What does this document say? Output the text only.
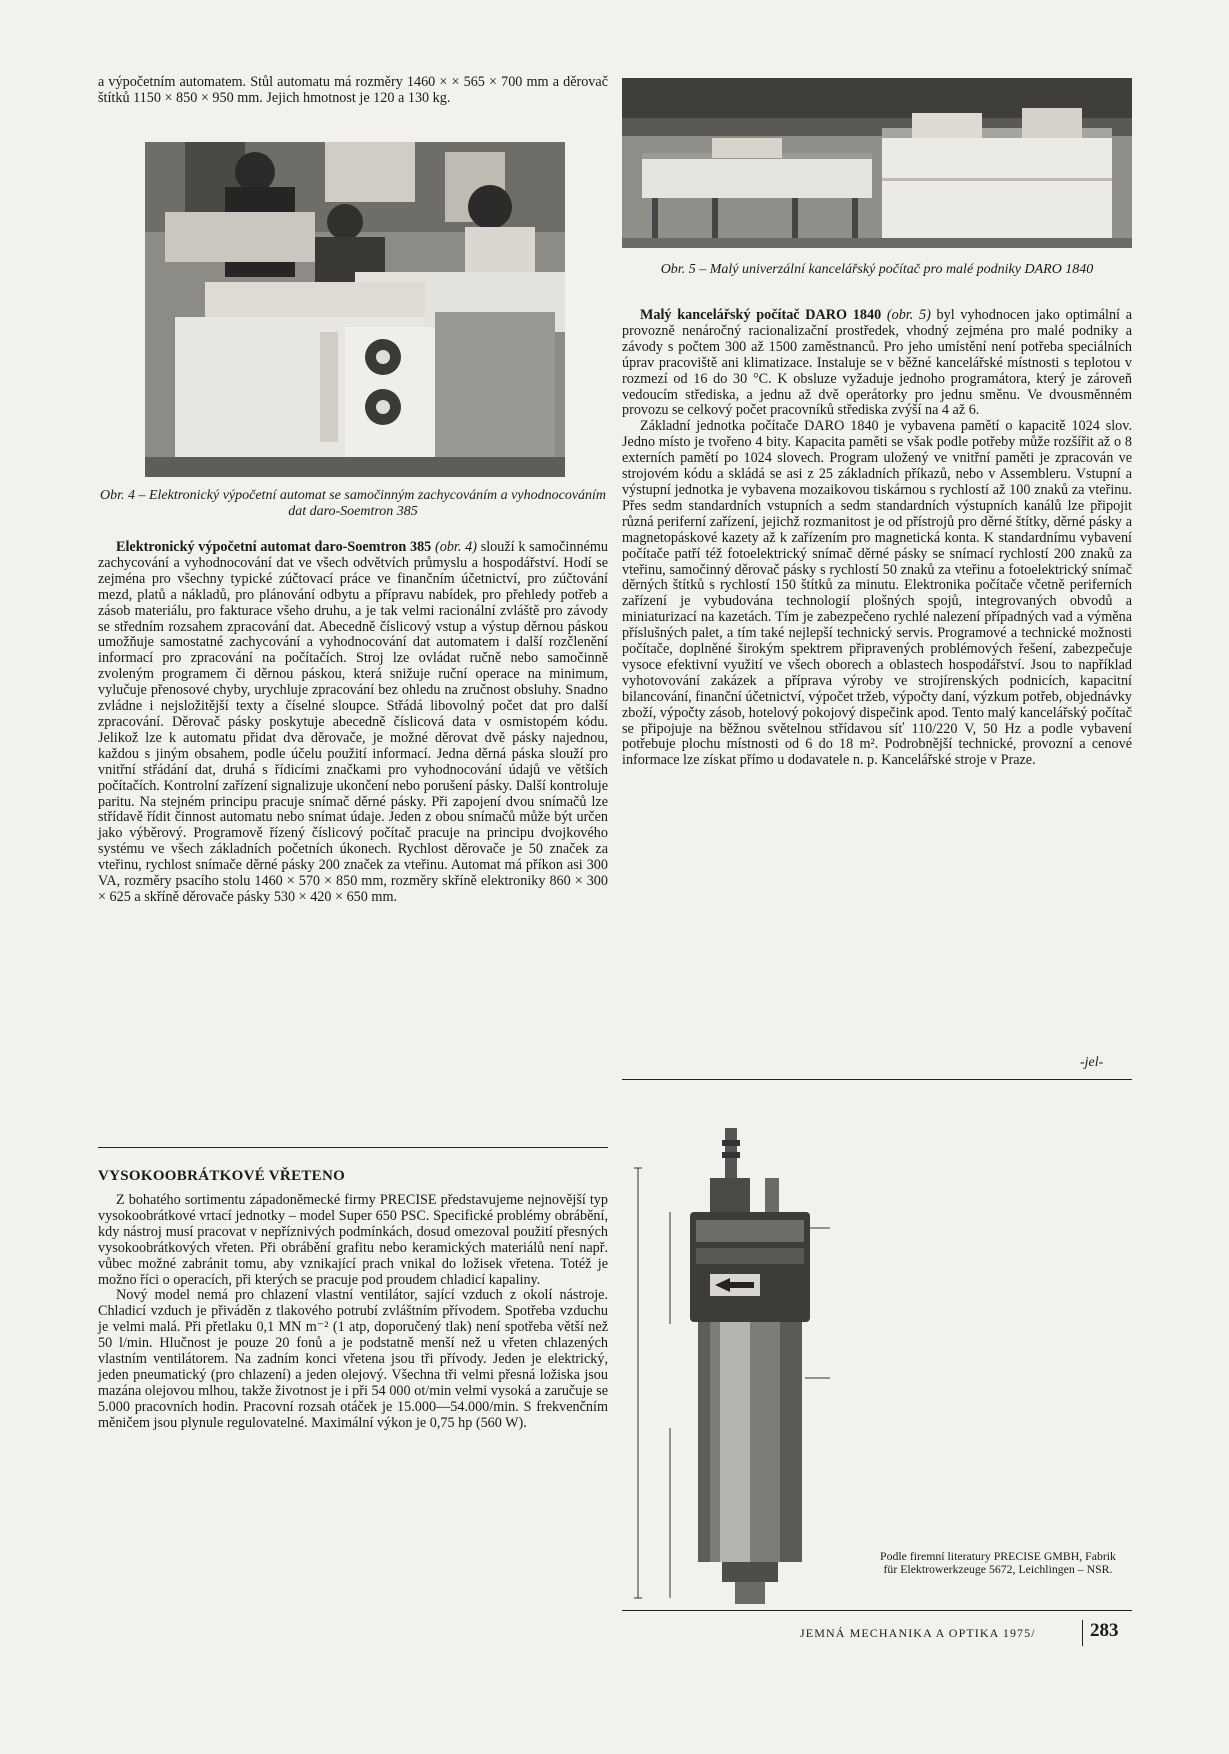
a výpočetním automatem. Stůl automatu má rozměry 1460 × × 565 × 700 mm a děrovač štítků 1150 × 850 × 950 mm. Jejich hmotnost je 120 a 130 kg.

Obr. 4 – Elektronický výpočetní automat se samočinným zachycováním a vyhodnocováním dat daro-Soemtron 385

Elektronický výpočetní automat daro-Soemtron 385 (obr. 4) slouží k samočinnému zachycování a vyhodnocování dat ve všech odvětvích průmyslu a hospodářství. Hodí se zejména pro všechny typické zúčtovací práce ve finančním účetnictví, pro zúčtování mezd, platů a nákladů, pro plánování odbytu a přípravu nabídek, pro přehledy potřeb a zásob materiálu, pro fakturace všeho druhu, a je tak velmi racionální zvláště pro závody se středním rozsahem zpracování dat. Abecedně číslicový vstup a výstup děrnou páskou umožňuje samostatné zachycování a vyhodnocování dat automatem i další rozčlenění informací pro zpracování na počítačích. Stroj lze ovládat ručně nebo samočinně zvoleným programem či děrnou páskou, která snižuje ruční operace na minimum, vylučuje přenosové chyby, urychluje zpracování bez ohledu na zručnost obsluhy. Snadno zvládne i nejsložitější texty a číselné sloupce. Střádá libovolný počet dat pro další zpracování. Děrovač pásky poskytuje abecedně číslicová data v osmistopém kódu. Jelikož lze k automatu přidat dva děrovače, je možné děrovat dvě pásky najednou, každou s jiným obsahem, podle účelu použití informací. Jedna děrná páska slouží pro vnitřní střádání dat, druhá s řídicími značkami pro vyhodnocování údajů ve větších počítačích. Kontrolní zařízení signalizuje ukončení nebo porušení pásky. Další kontroluje paritu. Na stejném principu pracuje snímač děrné pásky. Při zapojení dvou snímačů lze střídavě řídit činnost automatu nebo snímat údaje. Jeden z obou snímačů může být určen jako výběrový. Programově řízený číslicový počítač pracuje na principu dvojkového systému ve všech základních početních úkonech. Rychlost děrovače je 50 značek za vteřinu, rychlost snímače děrné pásky 200 značek za vteřinu. Automat má příkon asi 300 VA, rozměry psacího stolu 1460 × 570 × 850 mm, rozměry skříně elektroniky 860 × 300 × 625 a skříně děrovače pásky 530 × 420 × 650 mm.

Obr. 5 – Malý univerzální kancelářský počítač pro malé podniky DARO 1840

Malý kancelářský počítač DARO 1840 (obr. 5) byl vyhodnocen jako optimální a provozně nenáročný racionalizační prostředek, vhodný zejména pro malé podniky a závody s počtem 300 až 1500 zaměstnanců. Pro jeho umístění není potřeba speciálních úprav pracoviště ani klimatizace. Instaluje se v běžné kancelářské místnosti s teplotou v rozmezí od 16 do 30 °C. K obsluze vyžaduje jednoho programátora, který je zároveň vedoucím střediska, a jednu až dvě operátorky pro jednu směnu. Ve dvousměnném provozu se celkový počet pracovníků střediska zvýší na 4 až 6.

Základní jednotka počítače DARO 1840 je vybavena pamětí o kapacitě 1024 slov. Jedno místo je tvořeno 4 bity. Kapacita paměti se však podle potřeby může rozšířit až o 8 externích pamětí po 1024 slovech. Program uložený ve vnitřní paměti je zpracován ve strojovém kódu a skládá se asi z 25 základních příkazů, nebo v Assembleru. Vstupní a výstupní jednotka je vybavena mozaikovou tiskárnou s rychlostí až 100 znaků za vteřinu. Přes sedm standardních vstupních a sedm standardních výstupních kanálů lze připojit různá periferní zařízení, jejichž rozmanitost je od přístrojů pro děrné štítky, děrné pásky a magnetopáskové kazety až k zařízením pro magnetická konta. K standardnímu vybavení počítače patří též fotoelektrický snímač děrné pásky se snímací rychlostí 200 znaků za vteřinu, samočinný děrovač pásky s rychlostí 50 znaků za vteřinu a fotoelektrický snímač děrných štítků s rychlostí 150 štítků za minutu. Elektronika počítače včetně periferních zařízení je vybudována technologií plošných spojů, integrovaných obvodů a miniaturizací na kazetách. Tím je zabezpečeno rychlé nalezení případných vad a výměna příslušných palet, a tím také nejlepší technický servis. Programové a technické možnosti počítače, doplněné širokým spektrem připravených problémových řešení, zabezpečuje vysoce efektivní využití ve všech oborech a oblastech hospodářství. Jsou to například vyhotovování zakázek a příprava výroby ve strojírenských podnicích, kapacitní bilancování, finanční účetnictví, výpočet tržeb, výpočty daní, výzkum potřeb, objednávky zboží, výpočty zásob, hotelový pokojový dispečink apod. Tento malý kancelářský počítač se připojuje na běžnou světelnou střídavou síť 110/220 V, 50 Hz a podle vybavení potřebuje plochu místnosti od 6 do 18 m². Podrobnější technické, provozní a cenové informace lze získat přímo u dodavatele n. p. Kancelářské stroje v Praze.

-jel-
VYSOKOOBRÁTKOVÉ VŘETENO

Z bohatého sortimentu západoněmecké firmy PRECISE představujeme nejnovější typ vysokoobrátkové vrtací jednotky – model Super 650 PSC. Specifické problémy obrábění, kdy nástroj musí pracovat v nepříznivých podmínkách, dosud omezoval použití přesných vysokoobrátkových vřeten. Při obrábění grafitu nebo keramických materiálů není např. vůbec možné zabránit tomu, aby vznikající prach vnikal do ložisek vřetena. Totéž je možno říci o operacích, při kterých se pracuje pod proudem chladicí kapaliny.

Nový model nemá pro chlazení vlastní ventilátor, sající vzduch z okolí nástroje. Chladicí vzduch je přiváděn z tlakového potrubí zvláštním přívodem. Spotřeba vzduchu je velmi malá. Při přetlaku 0,1 MN m⁻² (1 atp, doporučený tlak) není spotřeba větší než 50 l/min. Hlučnost je pouze 20 fonů a je podstatně menší než u vřeten chlazených vlastním ventilátorem. Na zadním konci vřetena jsou tři přívody. Jeden je elektrický, jeden pneumatický (pro chlazení) a jeden olejový. Všechna tři velmi přesná ložiska jsou mazána olejovou mlhou, takže životnost je i při 54 000 ot/min velmi vysoká a zaručuje se 5.000 pracovních hodin. Pracovní rozsah otáček je 15.000—54.000/min. S frekvenčním měničem jsou plynule regulovatelné. Maximální výkon je 0,75 hp (560 W).

Podle firemní literatury PRECISE GMBH, Fabrik für Elektrowerkzeuge 5672, Leichlingen – NSR.
JEMNÁ MECHANIKA A OPTIKA 1975/	283
